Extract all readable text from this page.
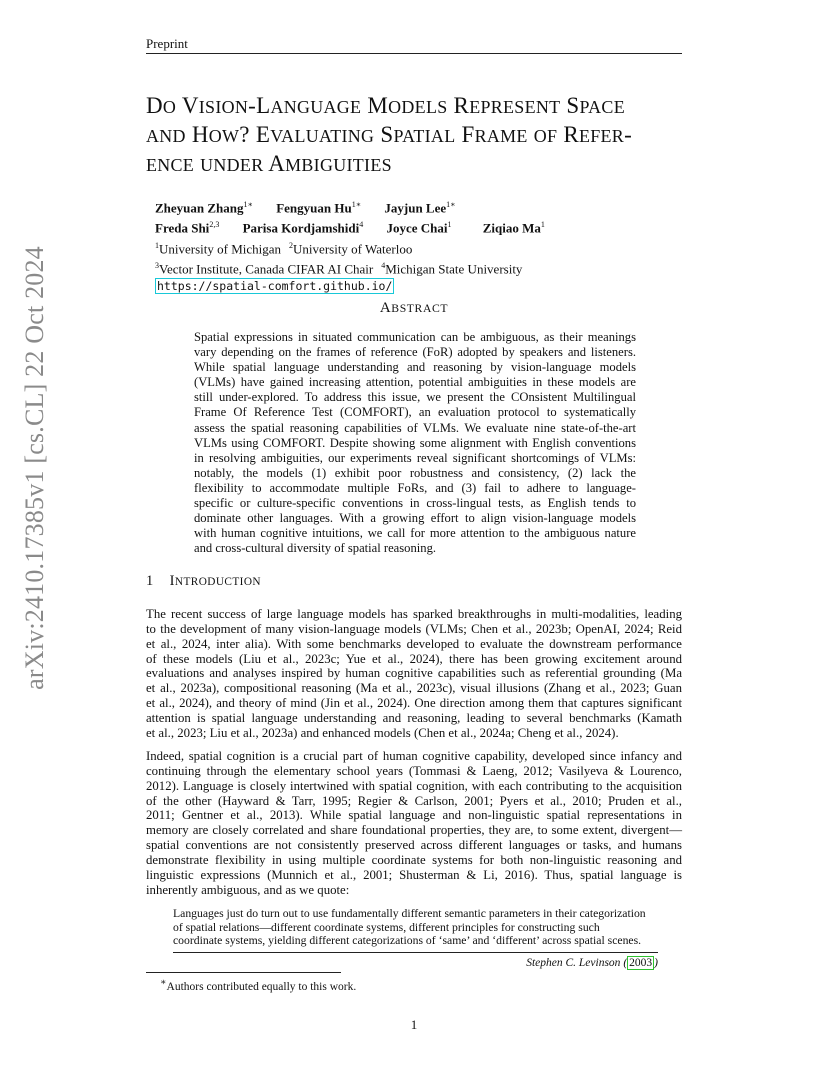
Preprint
arXiv:2410.17385v1 [cs.CL] 22 Oct 2024
DO VISION-LANGUAGE MODELS REPRESENT SPACE
AND HOW? EVALUATING SPATIAL FRAME OF REFER-
ENCE UNDER AMBIGUITIES
Zheyuan Zhang$^{1∗}$ Fengyuan $Hu^{1∗}$ Jayjun Lee$^{1∗}$
Freda Shi$^{2,3}$ Parisa Kordjamshidi$^4$ Joyce Chai$^1$ Ziqiao Ma$^1$
$^1$University of Michigan $^2$University of Waterloo
$^3$Vector Institute, Canada CIFAR AI Chair $^4$Michigan State University
https://spatial-comfort.github.io/
ABSTRACT
Spatial expressions in situated communication can be ambiguous, as their meanings
vary depending on the frames of reference (FoR) adopted by speakers and listeners.
While spatial language understanding and reasoning by vision-language models
(VLMs) have gained increasing attention, potential ambiguities in these models are
still under-explored. To address this issue, we present the COnsistent Multilingual
Frame Of Reference Test (COMFORT), an evaluation protocol to systematically
assess the spatial reasoning capabilities of VLMs. We evaluate nine state-of-the-art
VLMs using COMFORT. Despite showing some alignment with English conventions
in resolving ambiguities, our experiments reveal significant shortcomings of VLMs:
notably, the models (1) exhibit poor robustness and consistency, (2) lack the
flexibility to accommodate multiple FoRs, and (3) fail to adhere to language-
specific or culture-specific conventions in cross-lingual tests, as English tends to
dominate other languages. With a growing effort to align vision-language models
with human cognitive intuitions, we call for more attention to the ambiguous nature
and cross-cultural diversity of spatial reasoning.
1 INTRODUCTION
The recent success of large language models has sparked breakthroughs in multi-modalities, leading
to the development of many vision-language models (VLMs; Chen et al., 2023b; OpenAI, 2024; Reid
et al., 2024, inter alia). With some benchmarks developed to evaluate the downstream performance
of these models (Liu et al., 2023c; Yue et al., 2024), there has been growing excitement around
evaluations and analyses inspired by human cognitive capabilities such as referential grounding (Ma
et al., 2023a), compositional reasoning (Ma et al., 2023c), visual illusions (Zhang et al., 2023; Guan
et al., 2024), and theory of mind (Jin et al., 2024). One direction among them that captures significant
attention is spatial language understanding and reasoning, leading to several benchmarks (Kamath
et al., 2023; Liu et al., 2023a) and enhanced models (Chen et al., 2024a; Cheng et al., 2024).
Indeed, spatial cognition is a crucial part of human cognitive capability, developed since infancy and
continuing through the elementary school years (Tommasi & Laeng, 2012; Vasilyeva & Lourenco,
2012). Language is closely intertwined with spatial cognition, with each contributing to the acquisition
of the other (Hayward & Tarr, 1995; Regier & Carlson, 2001; Pyers et al., 2010; Pruden et al.,
2011; Gentner et al., 2013). While spatial language and non-linguistic spatial representations in
memory are closely correlated and share foundational properties, they are, to some extent, divergent—
spatial conventions are not consistently preserved across different languages or tasks, and humans
demonstrate flexibility in using multiple coordinate systems for both non-linguistic reasoning and
linguistic expressions (Munnich et al., 2001; Shusterman & Li, 2016). Thus, spatial language is
inherently ambiguous, and as we quote:
Languages just do turn out to use fundamentally different semantic parameters in their categorization
of spatial relations—different coordinate systems, different principles for constructing such
coordinate systems, yielding different categorizations of ‘same’ and ‘different’ across spatial scenes.
Stephen C. Levinson ( 2003 )
∗Authors contributed equally to this work.
1
